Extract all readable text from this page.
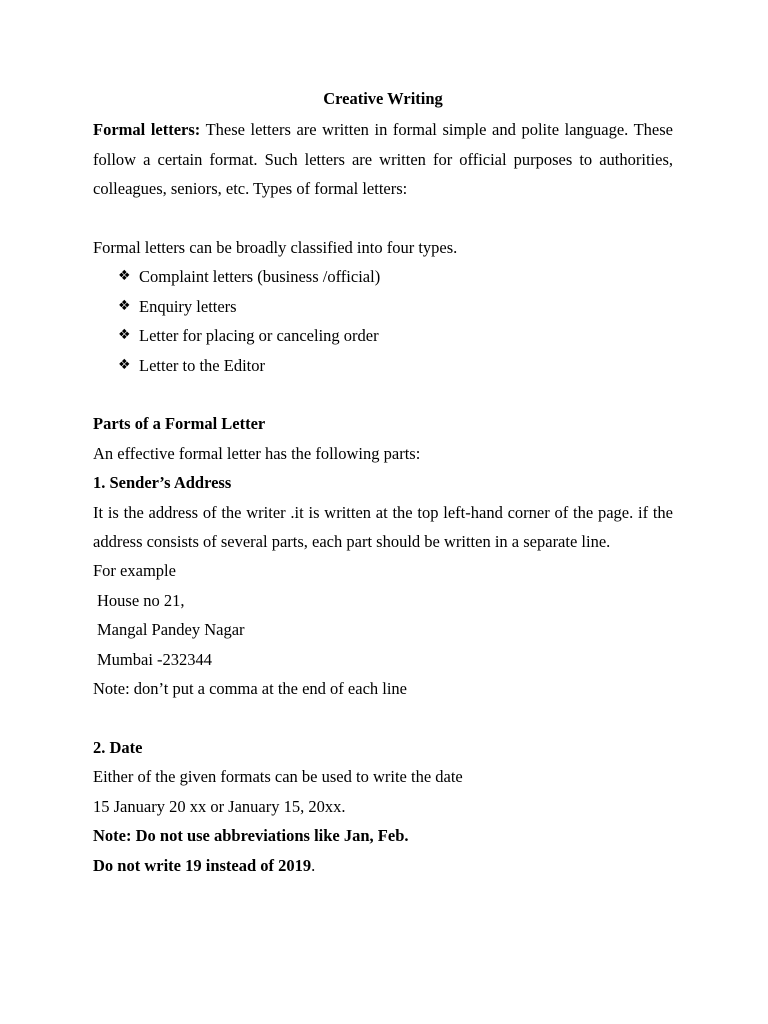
Creative Writing

Formal letters: These letters are written in formal simple and polite language. These follow a certain format. Such letters are written for official purposes to authorities, colleagues, seniors, etc. Types of formal letters:

Formal letters can be broadly classified into four types.

❖ Complaint letters (business /official)
❖ Enquiry letters
❖ Letter for placing or canceling order
❖ Letter to the Editor

Parts of a Formal Letter

An effective formal letter has the following parts:

1. Sender’s Address

It is the address of the writer .it is written at the top left-hand corner of the page. if the address consists of several parts, each part should be written in a separate line.

For example

House no 21,

Mangal Pandey Nagar

Mumbai -232344

Note: don’t put a comma at the end of each line

2. Date

Either of the given formats can be used to write the date

15 January 20 xx or January 15, 20xx.

Note: Do not use abbreviations like Jan, Feb.

Do not write 19 instead of 2019.
